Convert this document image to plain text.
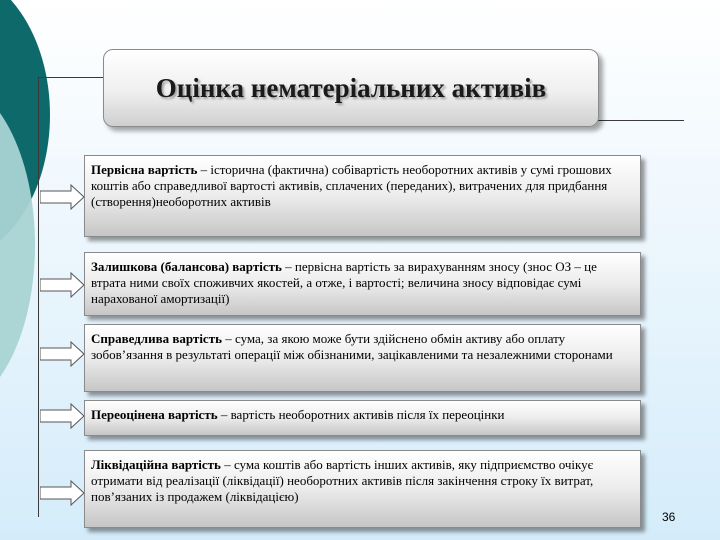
Оцінка нематеріальних активів
Первісна вартість – історична (фактична) собівартість необоротних активів у сумі грошових коштів або справедливої вартості активів, сплачених (переданих), витрачених для придбання (створення)необоротних активів
Залишкова (балансова) вартість – первісна вартість за вирахуванням зносу (знос ОЗ – це втрата ними своїх споживчих якостей, а отже, і вартості; величина зносу відповідає сумі нарахованої амортизації)
Справедлива вартість – сума, за якою може бути здійснено обмін активу або оплату зобов’язання в результаті операції між обізнаними, зацікавленими та незалежними сторонами
Переоцінена вартість – вартість необоротних активів після їх переоцінки
Ліквідаційна вартість – сума коштів або вартість інших активів, яку підприємство очікує отримати від реалізації (ліквідації) необоротних активів після закінчення строку їх витрат, пов’язаних із продажем (ліквідацією)
36
